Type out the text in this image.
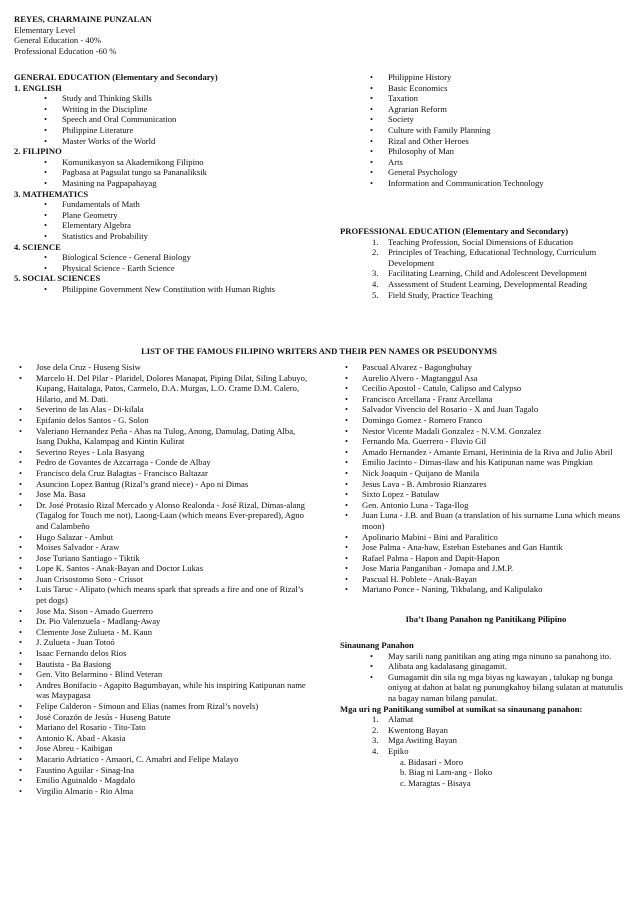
REYES, CHARMAINE PUNZALAN
Elementary Level
General Education - 40%
Professional Education -60 %
GENERAL EDUCATION (Elementary and Secondary)
1. ENGLISH
• Study and Thinking Skills
• Writing in the Discipline
• Speech and Oral Communication
• Philippine Literature
• Master Works of the World
2. FILIPINO
• Komunikasyon sa Akademikong Filipino
• Pagbasa at Pagsulat tungo sa Pananaliksik
• Masining na Pagpapahayag
3. MATHEMATICS
• Fundamentals of Math
• Plane Geometry
• Elementary Algebra
• Statistics and Probability
4. SCIENCE
• Biological Science - General Biology
• Physical Science - Earth Science
5. SOCIAL SCIENCES
• Philippine Government New Constitution with Human Rights
• Philippine History
• Basic Economics
• Taxation
• Agrarian Reform
• Society
• Culture with Family Planning
• Rizal and Other Heroes
• Philosophy of Man
• Arts
• General Psychology
• Information and Communication Technology
PROFESSIONAL EDUCATION (Elementary and Secondary)
1. Teaching Profession, Social Dimensions of Education
2. Principles of Teaching, Educational Technology, Curriculum Development
3. Facilitating Learning, Child and Adolescent Development
4. Assessment of Student Learning, Developmental Reading
5. Field Study, Practice Teaching
LIST OF THE FAMOUS FILIPINO WRITERS AND THEIR PEN NAMES OR PSEUDONYMS
• Jose dela Cruz - Huseng Sisiw
• Marcelo H. Del Pilar - Plaridel, Dolores Manapat, Piping Dilat, Siling Labuyo, Kupang, Haitalaga, Patos, Carmelo, D.A. Murgas, L.O. Crame D.M. Calero, Hilario, and M. Dati.
• Severino de las Alas - Di-kilala
• Epifanio delos Santos - G. Solon
• Valeriano Hernandez Peña - Ahas na Tulog, Anong, Damulag, Dating Alba, Isang Dukha, Kalampag and Kintin Kulirat
• Severino Reyes - Lola Basyang
• Pedro de Govantes de Azcarraga - Conde de Albay
• Francisco dela Cruz Balagtas - Francisco Baltazar
• Asuncion Lopez Bantug (Rizal’s grand niece) - Apo ni Dimas
• Jose Ma. Basa
• Dr. José Protasio Rizal Mercado y Alonso Realonda - José Rizal, Dimas-alang (Tagalog for Touch me not), Laong-Laan (which means Ever-prepared), Agno and Calambeño
• Hugo Salazar - Ambut
• Moises Salvador - Araw
• Jose Turiano Santiago - Tiktik
• Lope K. Santos - Anak-Bayan and Doctor Lukas
• Juan Crisostomo Soto - Crissot
• Luis Taruc - Alipato (which means spark that spreads a fire and one of Rizal’s pet dogs)
• Jose Ma. Sison - Amado Guerrero
• Dr. Pio Valenzuela - Madlang-Away
• Clemente Jose Zulueta - M. Kaun
• J. Zulueta - Juan Totoó
• Isaac Fernando delos Rios
• Bautista - Ba Basiong
• Gen. Vito Belarmino - Blind Veteran
• Andres Bonifacio - Agapito Bagumbayan, while his inspiring Katipunan name was Maypagasa
• Felipe Calderon - Simoun and Elias (names from Rizal’s novels)
• José Corazón de Jesús - Huseng Batute
• Mariano del Rosario - Tito-Tato
• Antonio K. Abad - Akasia
• Jose Abreu - Kaibigan
• Macario Adriatico - Amaori, C. Amabri and Felipe Malayo
• Faustino Aguilar - Sinag-Ina
• Emilio Aguinaldo - Magdalo
• Virgilio Almario - Rio Alma
• Pascual Alvarez - Bagongbuhay
• Aurelio Alvero - Magtanggul Asa
• Cecilio Apostol - Catulo, Calipso and Calypso
• Francisco Arcellana - Franz Arcellana
• Salvador Vivencio del Rosario - X and Juan Tagalo
• Domingo Gomez - Romero Franco
• Nestor Vicente Madali Gonzalez - N.V.M. Gonzalez
• Fernando Ma. Guerrero - Fluvio Gil
• Amado Hernandez - Amante Ernani, Herininia de la Riva and Julio Abril
• Emilio Jacinto - Dimas-ilaw and his Katipunan name was Pingkian
• Nick Joaquin - Quijano de Manila
• Jesus Lava - B. Ambrosio Rianzares
• Sixto Lopez - Batulaw
• Gen. Antonio Luna - Taga-Ilog
• Juan Luna - J.B. and Buan (a translation of his surname Luna which means moon)
• Apolinario Mabini - Bini and Paralitico
• Jose Palma - Ana-haw, Esteban Estebanes and Gan Hantik
• Rafael Palma - Hapon and Dapit-Hapon
• Jose Maria Panganiban - Jomapa and J.M.P.
• Pascual H. Poblete - Anak-Bayan
• Mariano Ponce - Naning, Tikbalang, and Kalipulako
Iba’t Ibang Panahon ng Panitikang Pilipino
Sinaunang Panahon
• May sarili nang panitikan ang ating mga ninuno sa panahong ito.
• Alibata ang kadalasang ginagamit.
• Gumagamit din sila ng mga biyas ng kawayan , talukap ng bunga oniyog at dahon at balat ng punungkahoy bilang sulatan at matutulis na bagay naman bilang panulat.
Mga uri ng Panitikang sumibol at sumikat sa sinaunang panahon:
1. Alamat
2. Kwentong Bayan
3. Mga Awiting Bayan
4. Epiko
a. Bidasari - Moro
b. Biag ni Lam-ang - Iloko
c. Maragtas - Bisaya
